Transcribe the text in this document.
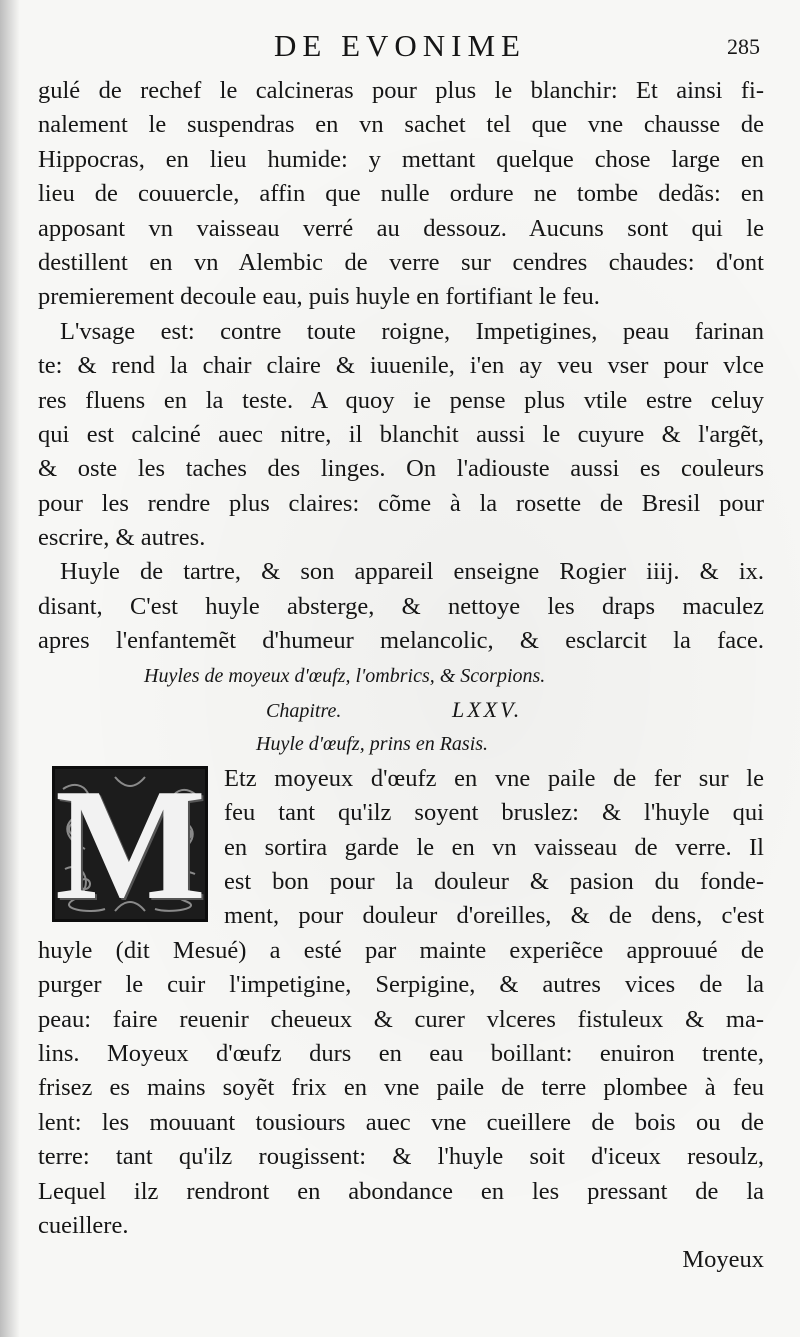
DE EVONIME	285
gulé de rechef le calcineras pour plus le blanchir: Et ainsi fi-
nalement le suspendras en vn sachet tel que vne chausse de
Hippocras, en lieu humide: y mettant quelque chose large en
lieu de couuercle, affin que nulle ordure ne tombe dedãs: en
apposant vn vaisseau verré au dessouz. Aucuns sont qui le
destillent en vn Alembic de verre sur cendres chaudes: d'ont
premierement decoule eau, puis huyle en fortifiant le feu.
L'vsage est: contre toute roigne, Impetigines, peau farinan
te: & rend la chair claire & iuuenile, i'en ay veu vser pour vlce
res fluens en la teste. A quoy ie pense plus vtile estre celuy
qui est calciné auec nitre, il blanchit aussi le cuyure & l'argẽt,
& oste les taches des linges. On l'adiouste aussi es couleurs
pour les rendre plus claires: cõme à la rosette de Bresil pour
escrire, & autres.
Huyle de tartre, & son appareil enseigne Rogier iiij. & ix.
disant, C'est huyle absterge, & nettoye les draps maculez
apres l'enfantemẽt d'humeur melancolic, & esclarcit la face.
Huyles de moyeux d'œufz, l'ombrics, & Scorpions.
Chapitre.	LXXV.
Huyle d'œufz, prins en Rasis.
M Etz moyeux d'œufz en vne paile de fer sur le
feu tant qu'ilz soyent bruslez: & l'huyle qui
en sortira garde le en vn vaisseau de verre. Il
est bon pour la douleur & pasion du fonde-
ment, pour douleur d'oreilles, & de dens, c'est
huyle (dit Mesué) a esté par mainte experiẽce approuué de
purger le cuir l'impetigine, Serpigine, & autres vices de la
peau: faire reuenir cheueux & curer vlceres fistuleux & ma-
lins. Moyeux d'œufz durs en eau boillant: enuiron trente,
frisez es mains soyẽt frix en vne paile de terre plombee à feu
lent: les mouuant tousiours auec vne cueillere de bois ou de
terre: tant qu'ilz rougissent: & l'huyle soit d'iceux resoulz,
Lequel ilz rendront en abondance en les pressant de la
cueillere.
Moyeux
